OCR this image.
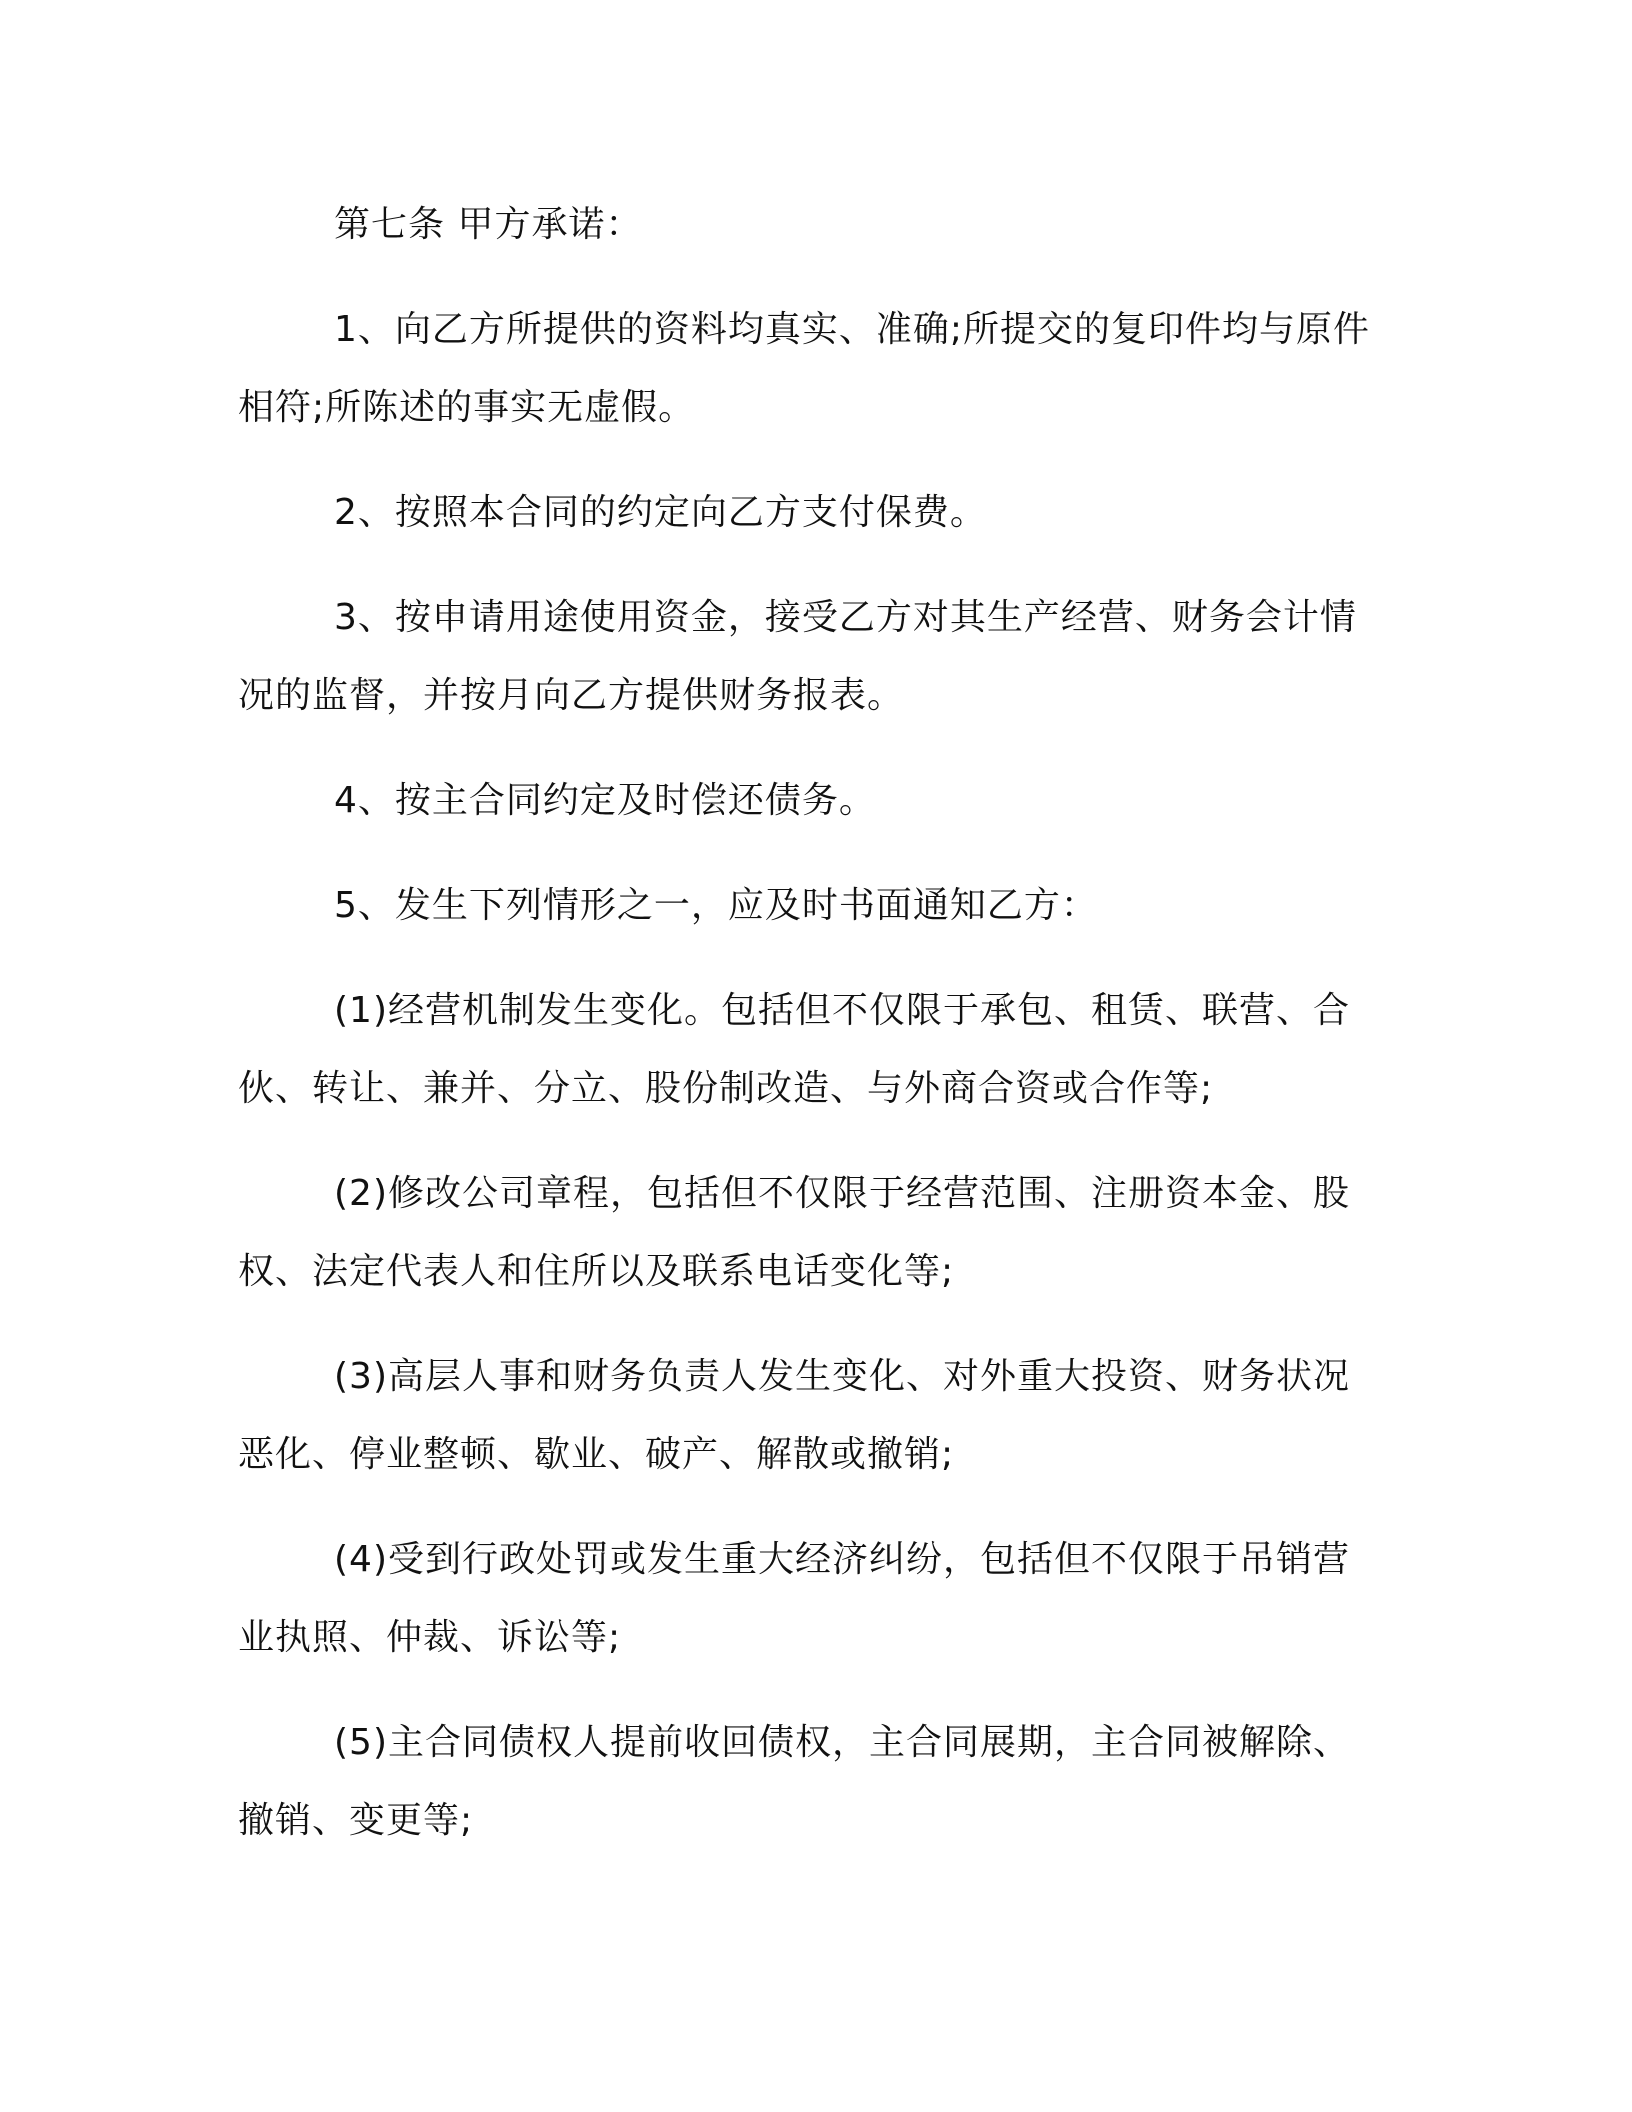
第七条 甲方承诺：

1、向乙方所提供的资料均真实、准确;所提交的复印件均与原件相符;所陈述的事实无虚假。

2、按照本合同的约定向乙方支付保费。

3、按申请用途使用资金，接受乙方对其生产经营、财务会计情况的监督，并按月向乙方提供财务报表。

4、按主合同约定及时偿还债务。

5、发生下列情形之一，应及时书面通知乙方：

(1)经营机制发生变化。包括但不仅限于承包、租赁、联营、合伙、转让、兼并、分立、股份制改造、与外商合资或合作等;

(2)修改公司章程，包括但不仅限于经营范围、注册资本金、股权、法定代表人和住所以及联系电话变化等;

(3)高层人事和财务负责人发生变化、对外重大投资、财务状况恶化、停业整顿、歇业、破产、解散或撤销;

(4)受到行政处罚或发生重大经济纠纷，包括但不仅限于吊销营业执照、仲裁、诉讼等;

(5)主合同债权人提前收回债权，主合同展期，主合同被解除、撤销、变更等;
